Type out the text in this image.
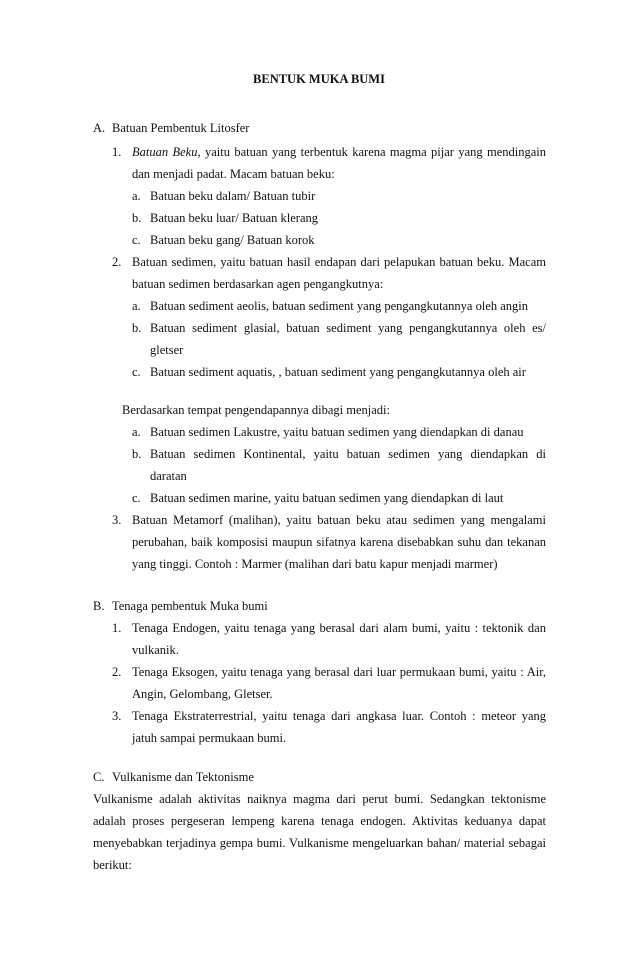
BENTUK MUKA BUMI
A. Batuan Pembentuk Litosfer
1. Batuan Beku, yaitu batuan yang terbentuk karena magma pijar yang mendingain
dan menjadi padat. Macam batuan beku:
a. Batuan beku dalam/ Batuan tubir
b. Batuan beku luar/ Batuan klerang
c. Batuan beku gang/ Batuan korok
2. Batuan sedimen, yaitu batuan hasil endapan dari pelapukan batuan beku. Macam
batuan sedimen berdasarkan agen pengangkutnya:
a. Batuan sediment aeolis, batuan sediment yang pengangkutannya oleh angin
b. Batuan sediment glasial, batuan sediment yang pengangkutannya oleh es/
gletser
c. Batuan sediment aquatis, , batuan sediment yang pengangkutannya oleh air
Berdasarkan tempat pengendapannya dibagi menjadi:
a. Batuan sedimen Lakustre, yaitu batuan sedimen yang diendapkan di danau
b. Batuan sedimen Kontinental, yaitu batuan sedimen yang diendapkan di
daratan
c. Batuan sedimen marine, yaitu batuan sedimen yang diendapkan di laut
3. Batuan Metamorf (malihan), yaitu batuan beku atau sedimen yang mengalami
perubahan, baik komposisi maupun sifatnya karena disebabkan suhu dan tekanan
yang tinggi. Contoh : Marmer (malihan dari batu kapur menjadi marmer)
B. Tenaga pembentuk Muka bumi
1. Tenaga Endogen, yaitu tenaga yang berasal dari alam bumi, yaitu : tektonik dan
vulkanik.
2. Tenaga Eksogen, yaitu tenaga yang berasal dari luar permukaan bumi, yaitu : Air,
Angin, Gelombang, Gletser.
3. Tenaga Ekstraterrestrial, yaitu tenaga dari angkasa luar. Contoh : meteor yang
jatuh sampai permukaan bumi.
C. Vulkanisme dan Tektonisme
Vulkanisme adalah aktivitas naiknya magma dari perut bumi. Sedangkan tektonisme
adalah proses pergeseran lempeng karena tenaga endogen. Aktivitas keduanya dapat
menyebabkan terjadinya gempa bumi. Vulkanisme mengeluarkan bahan/ material sebagai
berikut:
